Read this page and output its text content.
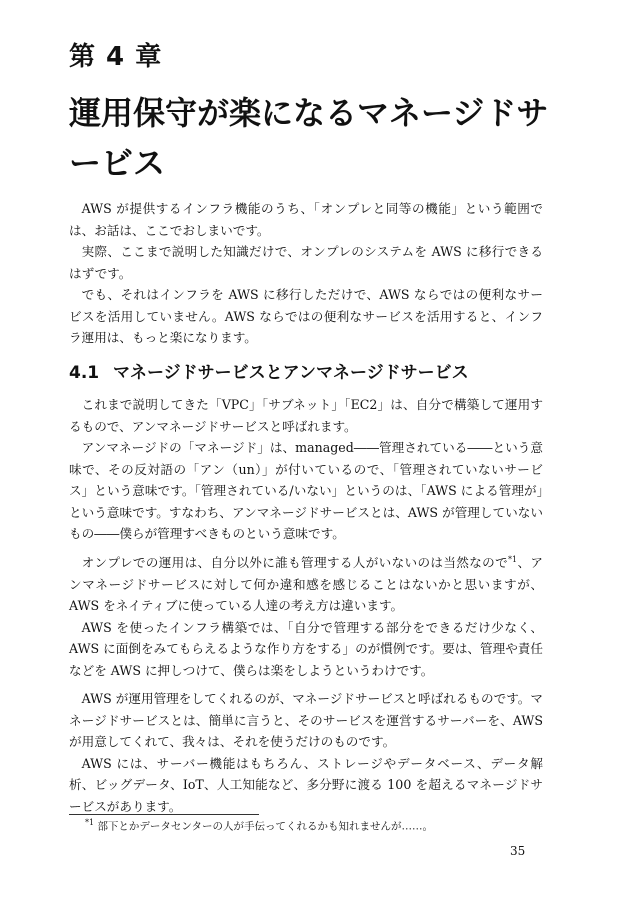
第 4 章
運用保守が楽になるマネージドサービス

AWS が提供するインフラ機能のうち、「オンプレと同等の機能」という範囲では、お話は、ここでおしまいです。

実際、ここまで説明した知識だけで、オンプレのシステムを AWS に移行できるはずです。

でも、それはインフラを AWS に移行しただけで、AWS ならではの便利なサービスを活用していません。AWS ならではの便利なサービスを活用すると、インフラ運用は、もっと楽になります。

4.1 マネージドサービスとアンマネージドサービス

これまで説明してきた「VPC」「サブネット」「EC2」は、自分で構築して運用するもので、アンマネージドサービスと呼ばれます。

アンマネージドの「マネージド」は、managed――管理されている――という意味で、その反対語の「アン（un）」が付いているので、「管理されていないサービス」という意味です。「管理されている/いない」というのは、「AWS による管理が」という意味です。すなわち、アンマネージドサービスとは、AWS が管理していないもの――僕らが管理すべきものという意味です。

オンプレでの運用は、自分以外に誰も管理する人がいないのは当然なので$^{*1}$、アンマネージドサービスに対して何か違和感を感じることはないかと思いますが、AWS をネイティブに使っている人達の考え方は違います。

AWS を使ったインフラ構築では、「自分で管理する部分をできるだけ少なく、AWS に面倒をみてもらえるような作り方をする」のが慣例です。要は、管理や責任などを AWS に押しつけて、僕らは楽をしようというわけです。

AWS が運用管理をしてくれるのが、マネージドサービスと呼ばれるものです。マネージドサービスとは、簡単に言うと、そのサービスを運営するサーバーを、AWS が用意してくれて、我々は、それを使うだけのものです。

AWS には、サーバー機能はもちろん、ストレージやデータベース、データ解析、ビッグデータ、IoT、人工知能など、多分野に渡る 100 を超えるマネージドサービスがあります。

$^{*1}$ 部下とかデータセンターの人が手伝ってくれるかも知れませんが……。

35
